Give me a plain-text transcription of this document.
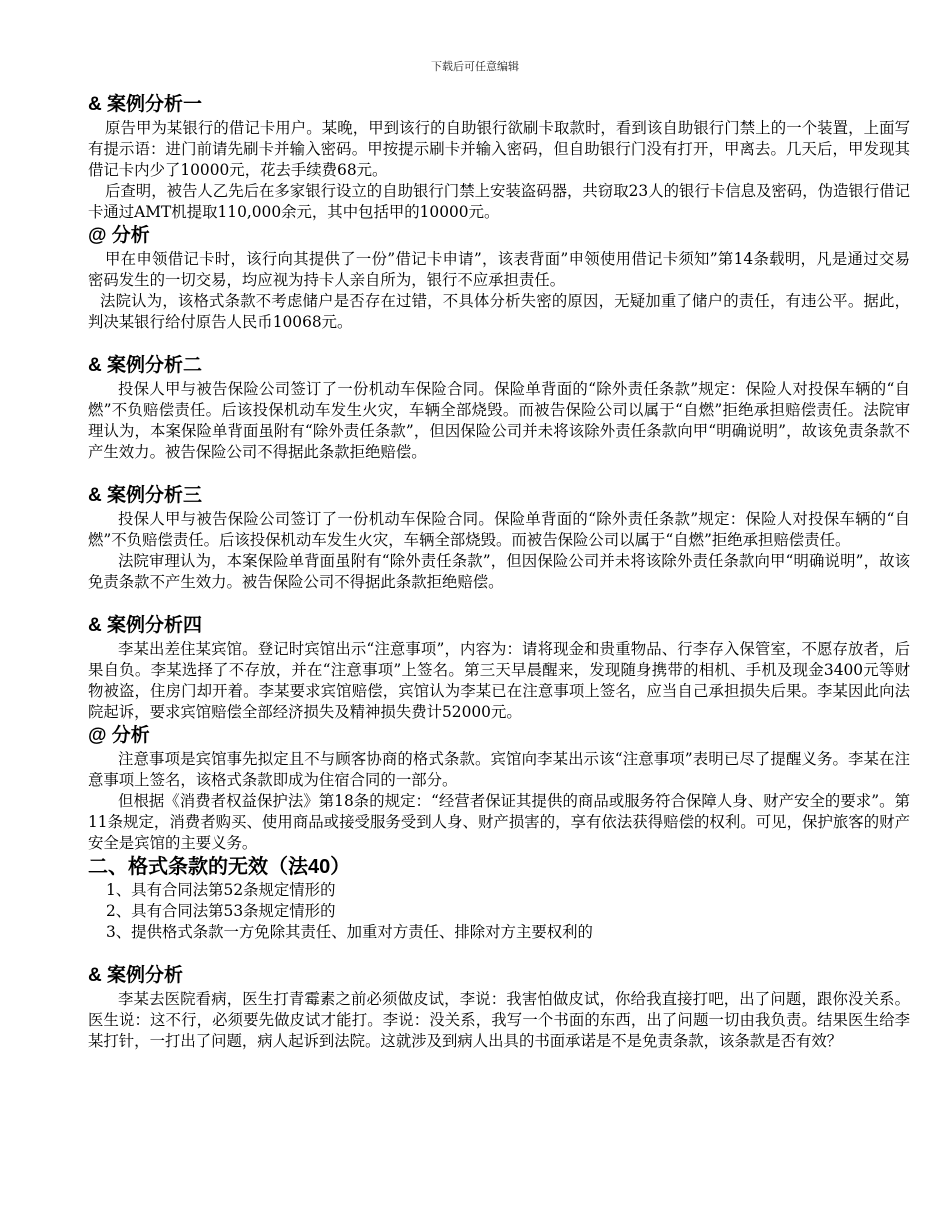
下载后可任意编辑
& 案例分析一

原告甲为某银行的借记卡用户。某晚，甲到该行的自助银行欲刷卡取款时，看到该自助银行门禁上的一个装置，上面写有提示语：进门前请先刷卡并输入密码。甲按提示刷卡并输入密码，但自助银行门没有打开，甲离去。几天后，甲发现其借记卡内少了10000元，花去手续费68元。

后查明，被告人乙先后在多家银行设立的自助银行门禁上安装盗码器，共窃取23人的银行卡信息及密码，伪造银行借记卡通过AMT机提取110,000余元，其中包括甲的10000元。

@ 分析

甲在申领借记卡时，该行向其提供了一份”借记卡申请”，该表背面”申领使用借记卡须知”第14条载明，凡是通过交易密码发生的一切交易，均应视为持卡人亲自所为，银行不应承担责任。

法院认为，该格式条款不考虑储户是否存在过错，不具体分析失密的原因，无疑加重了储户的责任，有违公平。据此，判决某银行给付原告人民币10068元。

& 案例分析二

投保人甲与被告保险公司签订了一份机动车保险合同。保险单背面的“除外责任条款”规定：保险人对投保车辆的“自燃”不负赔偿责任。后该投保机动车发生火灾，车辆全部烧毁。而被告保险公司以属于“自燃”拒绝承担赔偿责任。法院审理认为，本案保险单背面虽附有“除外责任条款”，但因保险公司并未将该除外责任条款向甲“明确说明”，故该免责条款不产生效力。被告保险公司不得据此条款拒绝赔偿。

& 案例分析三

投保人甲与被告保险公司签订了一份机动车保险合同。保险单背面的“除外责任条款”规定：保险人对投保车辆的“自燃”不负赔偿责任。后该投保机动车发生火灾，车辆全部烧毁。而被告保险公司以属于“自燃”拒绝承担赔偿责任。

法院审理认为，本案保险单背面虽附有“除外责任条款”，但因保险公司并未将该除外责任条款向甲“明确说明”，故该免责条款不产生效力。被告保险公司不得据此条款拒绝赔偿。

& 案例分析四

李某出差住某宾馆。登记时宾馆出示“注意事项”，内容为：请将现金和贵重物品、行李存入保管室，不愿存放者，后果自负。李某选择了不存放，并在“注意事项”上签名。第三天早晨醒来，发现随身携带的相机、手机及现金3400元等财物被盗，住房门却开着。李某要求宾馆赔偿，宾馆认为李某已在注意事项上签名，应当自己承担损失后果。李某因此向法院起诉，要求宾馆赔偿全部经济损失及精神损失费计52000元。

@ 分析

注意事项是宾馆事先拟定且不与顾客协商的格式条款。宾馆向李某出示该“注意事项”表明已尽了提醒义务。李某在注意事项上签名，该格式条款即成为住宿合同的一部分。

但根据《消费者权益保护法》第18条的规定：“经营者保证其提供的商品或服务符合保障人身、财产安全的要求”。第11条规定，消费者购买、使用商品或接受服务受到人身、财产损害的，享有依法获得赔偿的权利。可见，保护旅客的财产安全是宾馆的主要义务。

二、格式条款的无效（法40）
1、具有合同法第52条规定情形的
2、具有合同法第53条规定情形的
3、提供格式条款一方免除其责任、加重对方责任、排除对方主要权利的
& 案例分析

李某去医院看病，医生打青霉素之前必须做皮试，李说：我害怕做皮试，你给我直接打吧，出了问题，跟你没关系。医生说：这不行，必须要先做皮试才能打。李说：没关系，我写一个书面的东西，出了问题一切由我负责。结果医生给李某打针，一打出了问题，病人起诉到法院。这就涉及到病人出具的书面承诺是不是免责条款，该条款是否有效？
